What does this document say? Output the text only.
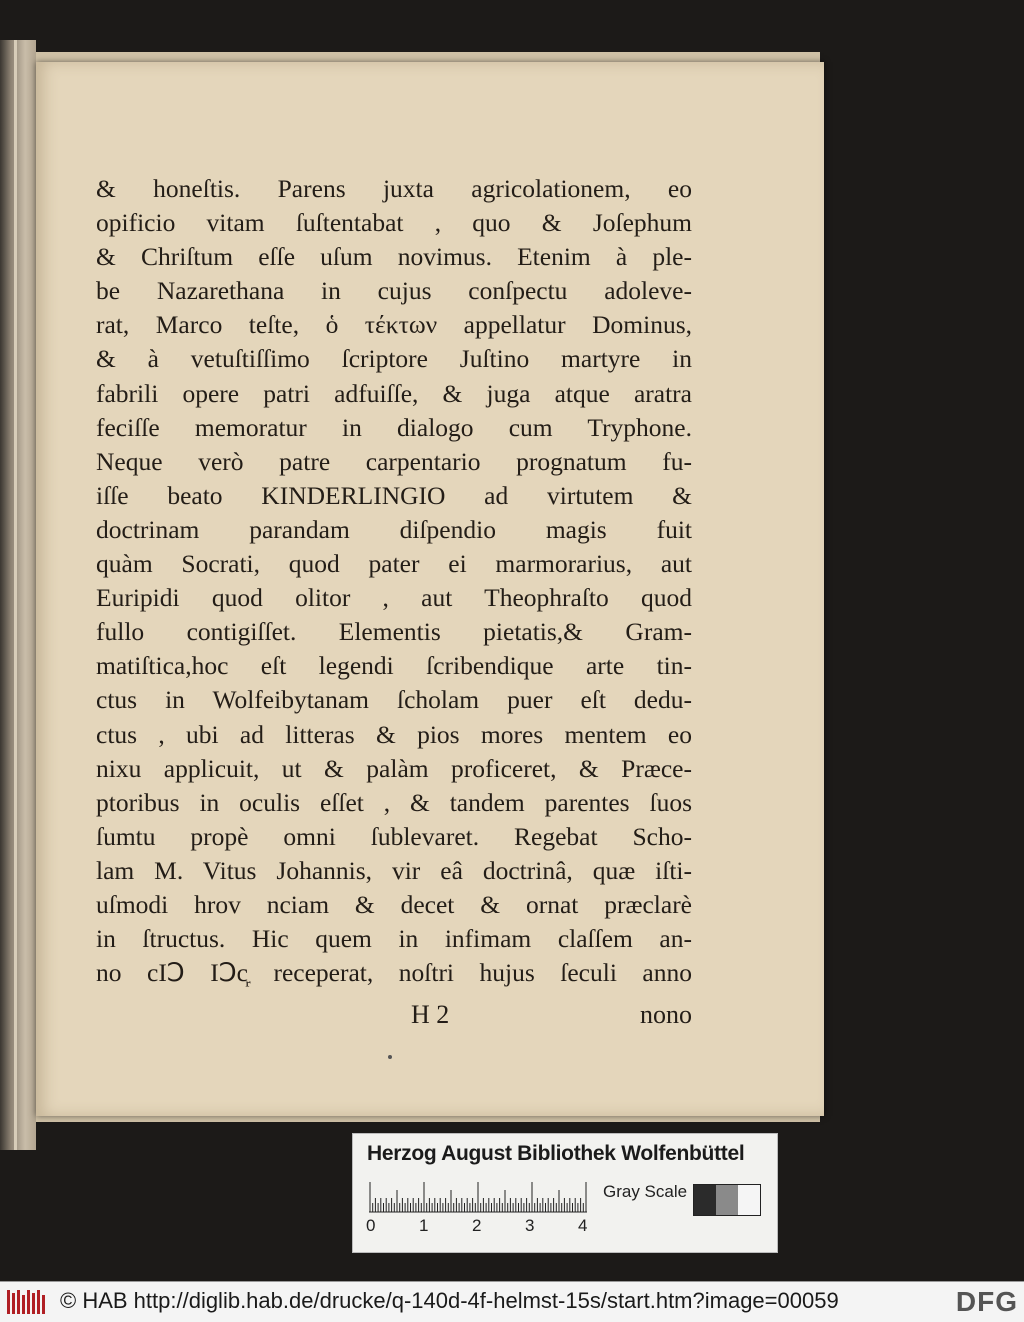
& honeſtis. Parens juxta agricolationem, eo
opificio vitam ſuſtentabat , quo & Joſephum
& Chriſtum eſſe uſum novimus. Etenim à ple-
be Nazarethana in cujus conſpectu adoleve-
rat, Marco teſte, ὁ τέκτων appellatur Dominus,
& à vetuſtiſſimo ſcriptore Juſtino martyre in
fabrili opere patri adfuiſſe, & juga atque aratra
feciſſe memoratur in dialogo cum Tryphone.
Neque verò patre carpentario prognatum fu-
iſſe beato KINDERLINGIO ad virtutem &
doctrinam parandam diſpendio magis fuit
quàm Socrati, quod pater ei marmorarius, aut
Euripidi quod olitor , aut Theophraſto quod
fullo contigiſſet. Elementis pietatis,& Gram-
matiſtica,hoc eſt legendi ſcribendique arte tin-
ctus in Wolfeibytanam ſcholam puer eſt dedu-
ctus , ubi ad litteras & pios mores mentem eo
nixu applicuit, ut & palàm proficeret, & Præce-
ptoribus in oculis eſſet , & tandem parentes ſuos
ſumtu propè omni ſublevaret. Regebat Scho-
lam M. Vitus Johannis, vir eâ doctrinâ, quæ iſti-
uſmodi hrov nciam & decet & ornat præclarè
in ſtructus. Hic quem in infimam claſſem an-
no cIↃ IↃc᷊ receperat, noſtri hujus ſeculi anno
H 2	nono
Herzog August Bibliothek Wolfenbüttel
0	1	2	3	4
Gray Scale
© HAB http://diglib.hab.de/drucke/q-140d-4f-helmst-15s/start.htm?image=00059	DFG
